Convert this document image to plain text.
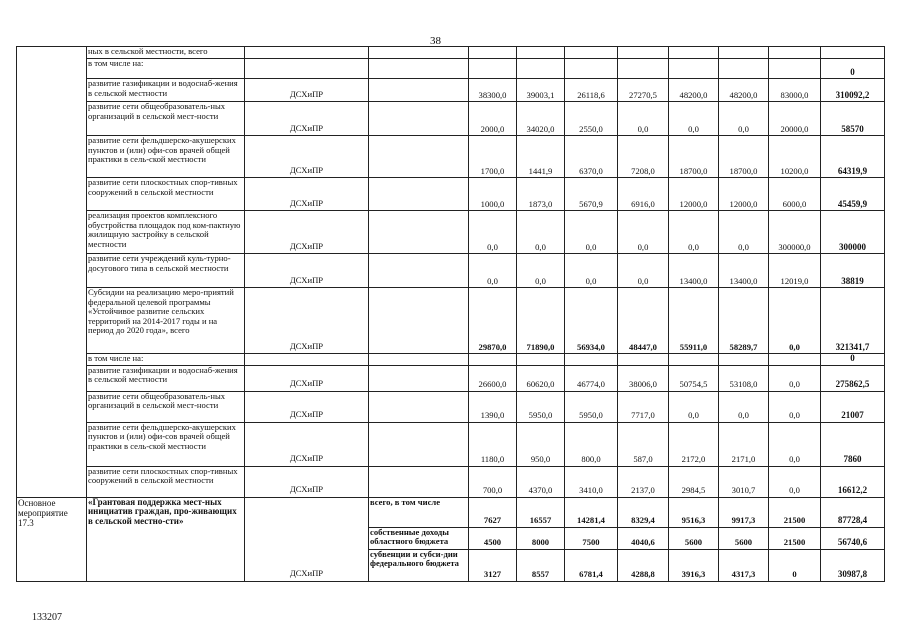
38
	ных в сельской местности, всего										
	в том числе на:										0
	развитие газификации и водоснаб-жения в сельской местности	ДСХиПР		38300,0	39003,1	26118,6	27270,5	48200,0	48200,0	83000,0	310092,2
	развитие сети общеобразователь-ных организаций в сельской мест-ности	ДСХиПР		2000,0	34020,0	2550,0	0,0	0,0	0,0	20000,0	58570
	развитие сети фельдшерско-акушерских пунктов и (или) офи-сов врачей общей практики в сель-ской местности	ДСХиПР		1700,0	1441,9	6370,0	7208,0	18700,0	18700,0	10200,0	64319,9
	развитие сети плоскостных спор-тивных сооружений в сельской местности	ДСХиПР		1000,0	1873,0	5670,9	6916,0	12000,0	12000,0	6000,0	45459,9
	реализация проектов комплексного обустройства площадок под ком-пактную жилищную застройку в сельской местности	ДСХиПР		0,0	0,0	0,0	0,0	0,0	0,0	300000,0	300000
	развитие сети учреждений куль-турно-досугового типа в сельской местности	ДСХиПР		0,0	0,0	0,0	0,0	13400,0	13400,0	12019,0	38819
	Субсидии на реализацию меро-приятий федеральной целевой программы «Устойчивое развитие сельских территорий на 2014-2017 годы и на период до 2020 года», всего	ДСХиПР		29870,0	71890,0	56934,0	48447,0	55911,0	58289,7	0,0	321341,7
	в том числе на:										0
	развитие газификации и водоснаб-жения в сельской местности	ДСХиПР		26600,0	60620,0	46774,0	38006,0	50754,5	53108,0	0,0	275862,5
	развитие сети общеобразователь-ных организаций в сельской мест-ности	ДСХиПР		1390,0	5950,0	5950,0	7717,0	0,0	0,0	0,0	21007
	развитие сети фельдшерско-акушерских пунктов и (или) офи-сов врачей общей практики в сель-ской местности	ДСХиПР		1180,0	950,0	800,0	587,0	2172,0	2171,0	0,0	7860
	развитие сети плоскостных спор-тивных сооружений в сельской местности	ДСХиПР		700,0	4370,0	3410,0	2137,0	2984,5	3010,7	0,0	16612,2
Основное мероприятие 17.3	«Грантовая поддержка мест-ных инициатив граждан, про-живающих в сельской местно-сти»	ДСХиПР	всего, в том числе	7627	16557	14281,4	8329,4	9516,3	9917,3	21500	87728,4
			собственные доходы областного бюджета	4500	8000	7500	4040,6	5600	5600	21500	56740,6
			субвенции и субси-дии федерального бюджета	3127	8557	6781,4	4288,8	3916,3	4317,3	0	30987,8
133207
